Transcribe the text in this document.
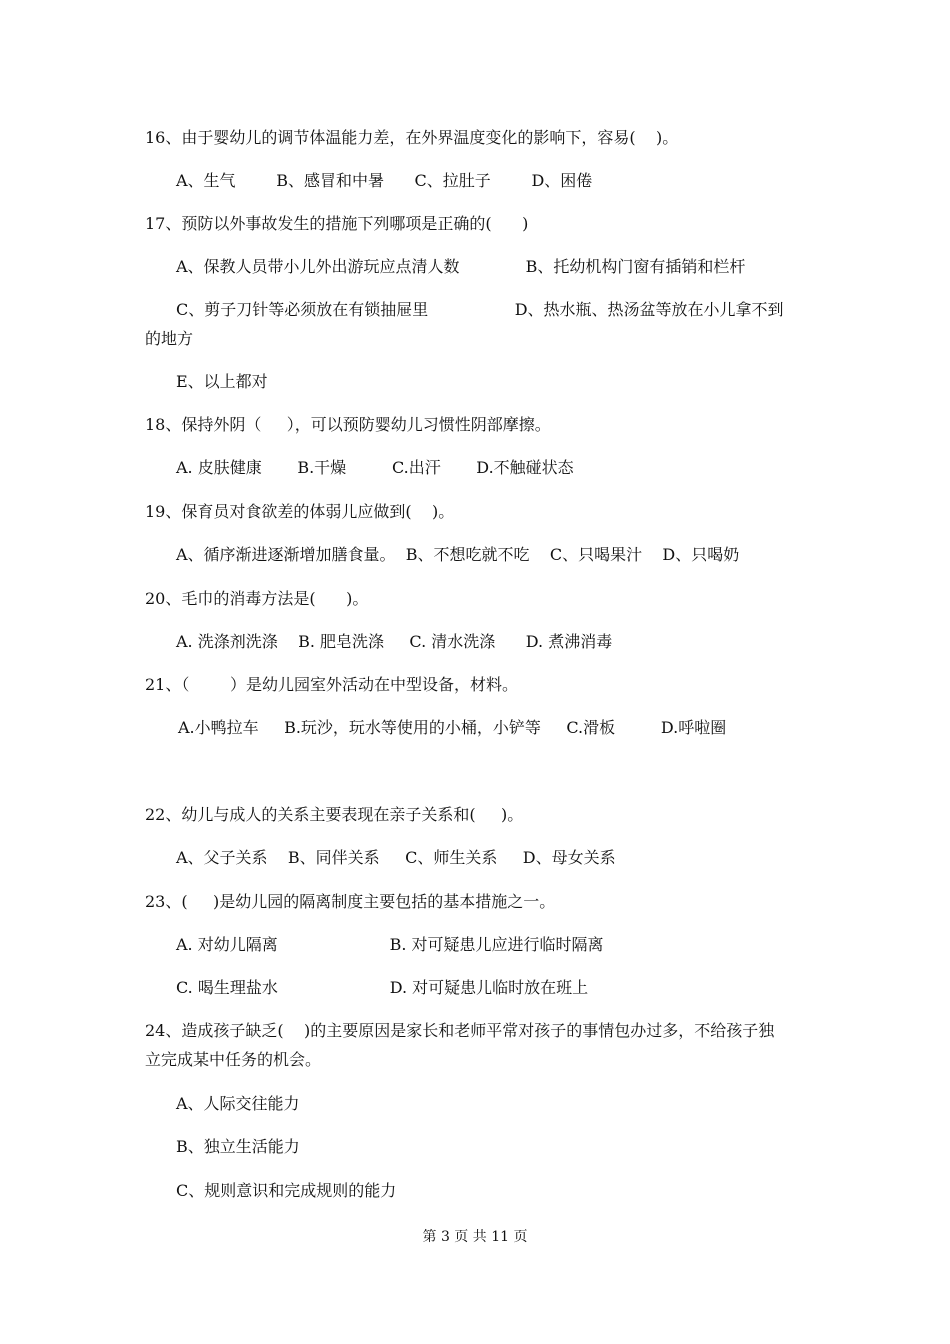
16、由于婴幼儿的调节体温能力差，在外界温度变化的影响下，容易(    )。
A、生气        B、感冒和中暑      C、拉肚子        D、困倦
17、预防以外事故发生的措施下列哪项是正确的(      )
A、保教人员带小儿外出游玩应点清人数             B、托幼机构门窗有插销和栏杆
C、剪子刀针等必须放在有锁抽屉里                 D、热水瓶、热汤盆等放在小儿拿不到
的地方
E、以上都对
18、保持外阴（     ），可以预防婴幼儿习惯性阴部摩擦。
A. 皮肤健康       B.干燥         C.出汗       D.不触碰状态
19、保育员对食欲差的体弱儿应做到(    )。
A、循序渐进逐渐增加膳食量。  B、不想吃就不吃    C、只喝果汁    D、只喝奶
20、毛巾的消毒方法是(      )。
A. 洗涤剂洗涤    B. 肥皂洗涤     C. 清水洗涤      D. 煮沸消毒
21、（        ）是幼儿园室外活动在中型设备，材料。
A.小鸭拉车     B.玩沙，玩水等使用的小桶，小铲等     C.滑板         D.呼啦圈
22、幼儿与成人的关系主要表现在亲子关系和(     )。
A、父子关系    B、同伴关系     C、师生关系     D、母女关系
23、(     )是幼儿园的隔离制度主要包括的基本措施之一。
A. 对幼儿隔离                      B. 对可疑患儿应进行临时隔离
C. 喝生理盐水                      D. 对可疑患儿临时放在班上
24、造成孩子缺乏(    )的主要原因是家长和老师平常对孩子的事情包办过多，不给孩子独
立完成某中任务的机会。
A、人际交往能力
B、独立生活能力
C、规则意识和完成规则的能力
第 3 页 共 11 页
